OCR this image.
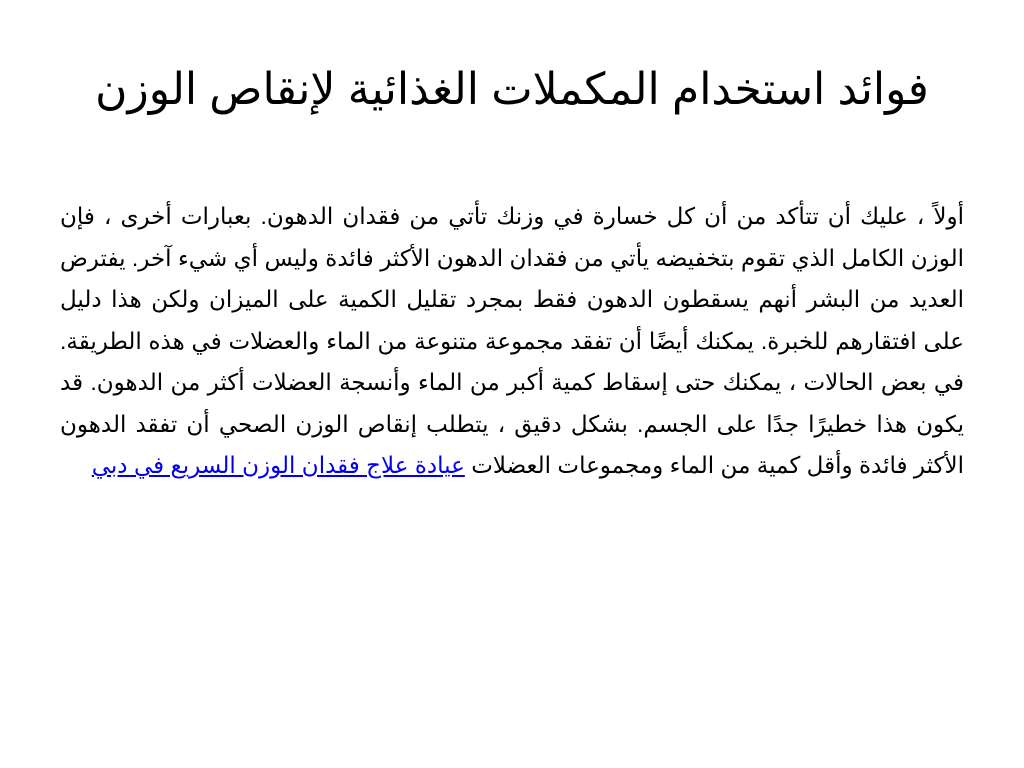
فوائد استخدام المكملات الغذائية لإنقاص الوزن

أولاً ، عليك أن تتأكد من أن كل خسارة في وزنك تأتي من فقدان الدهون. بعبارات أخرى ، فإن الوزن الكامل الذي تقوم بتخفيضه يأتي من فقدان الدهون الأكثر فائدة وليس أي شيء آخر. يفترض العديد من البشر أنهم يسقطون الدهون فقط بمجرد تقليل الكمية على الميزان ولكن هذا دليل على افتقارهم للخبرة. يمكنك أيضًا أن تفقد مجموعة متنوعة من الماء والعضلات في هذه الطريقة. في بعض الحالات ، يمكنك حتى إسقاط كمية أكبر من الماء وأنسجة العضلات أكثر من الدهون. قد يكون هذا خطيرًا جدًا على الجسم. بشكل دقيق ، يتطلب إنقاص الوزن الصحي أن تفقد الدهون الأكثر فائدة وأقل كمية من الماء ومجموعات العضلات عيادة علاج فقدان الوزن السريع في دبي
